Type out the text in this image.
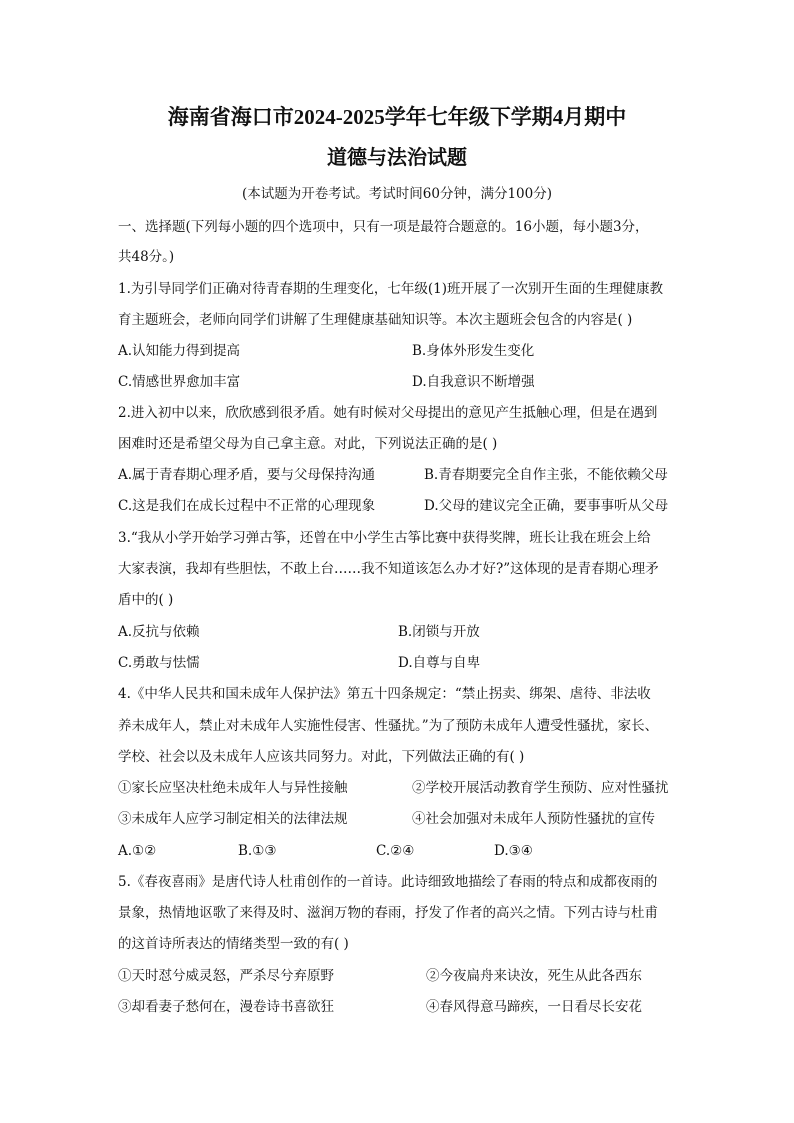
海南省海口市2024-2025学年七年级下学期4月期中
道德与法治试题
(本试题为开卷考试。考试时间60分钟，满分100分)
一、选择题(下列每小题的四个选项中，只有一项是最符合题意的。16小题，每小题3分，
共48分。)
1.为引导同学们正确对待青春期的生理变化，七年级(1)班开展了一次别开生面的生理健康教
育主题班会，老师向同学们讲解了生理健康基础知识等。本次主题班会包含的内容是( )
A.认知能力得到提高	B.身体外形发生变化
C.情感世界愈加丰富	D.自我意识不断增强
2.进入初中以来，欣欣感到很矛盾。她有时候对父母提出的意见产生抵触心理，但是在遇到
困难时还是希望父母为自己拿主意。对此，下列说法正确的是( )
A.属于青春期心理矛盾，要与父母保持沟通	B.青春期要完全自作主张，不能依赖父母
C.这是我们在成长过程中不正常的心理现象	D.父母的建议完全正确，要事事听从父母
3.“我从小学开始学习弹古筝，还曾在中小学生古筝比赛中获得奖牌，班长让我在班会上给
大家表演，我却有些胆怯，不敢上台……我不知道该怎么办才好?”这体现的是青春期心理矛
盾中的( )
A.反抗与依赖	B.闭锁与开放
C.勇敢与怯懦	D.自尊与自卑
4.《中华人民共和国未成年人保护法》第五十四条规定：“禁止拐卖、绑架、虐待、非法收
养未成年人，禁止对未成年人实施性侵害、性骚扰。”为了预防未成年人遭受性骚扰，家长、
学校、社会以及未成年人应该共同努力。对此，下列做法正确的有( )
①家长应坚决杜绝未成年人与异性接触	②学校开展活动教育学生预防、应对性骚扰
③未成年人应学习制定相关的法律法规	④社会加强对未成年人预防性骚扰的宣传
A.①②	B.①③	C.②④	D.③④
5.《春夜喜雨》是唐代诗人杜甫创作的一首诗。此诗细致地描绘了春雨的特点和成都夜雨的
景象，热情地讴歌了来得及时、滋润万物的春雨，抒发了作者的高兴之情。下列古诗与杜甫
的这首诗所表达的情绪类型一致的有( )
①天时怼兮威灵怒，严杀尽兮弃原野	②今夜扁舟来诀汝，死生从此各西东
③却看妻子愁何在，漫卷诗书喜欲狂	④春风得意马蹄疾，一日看尽长安花
